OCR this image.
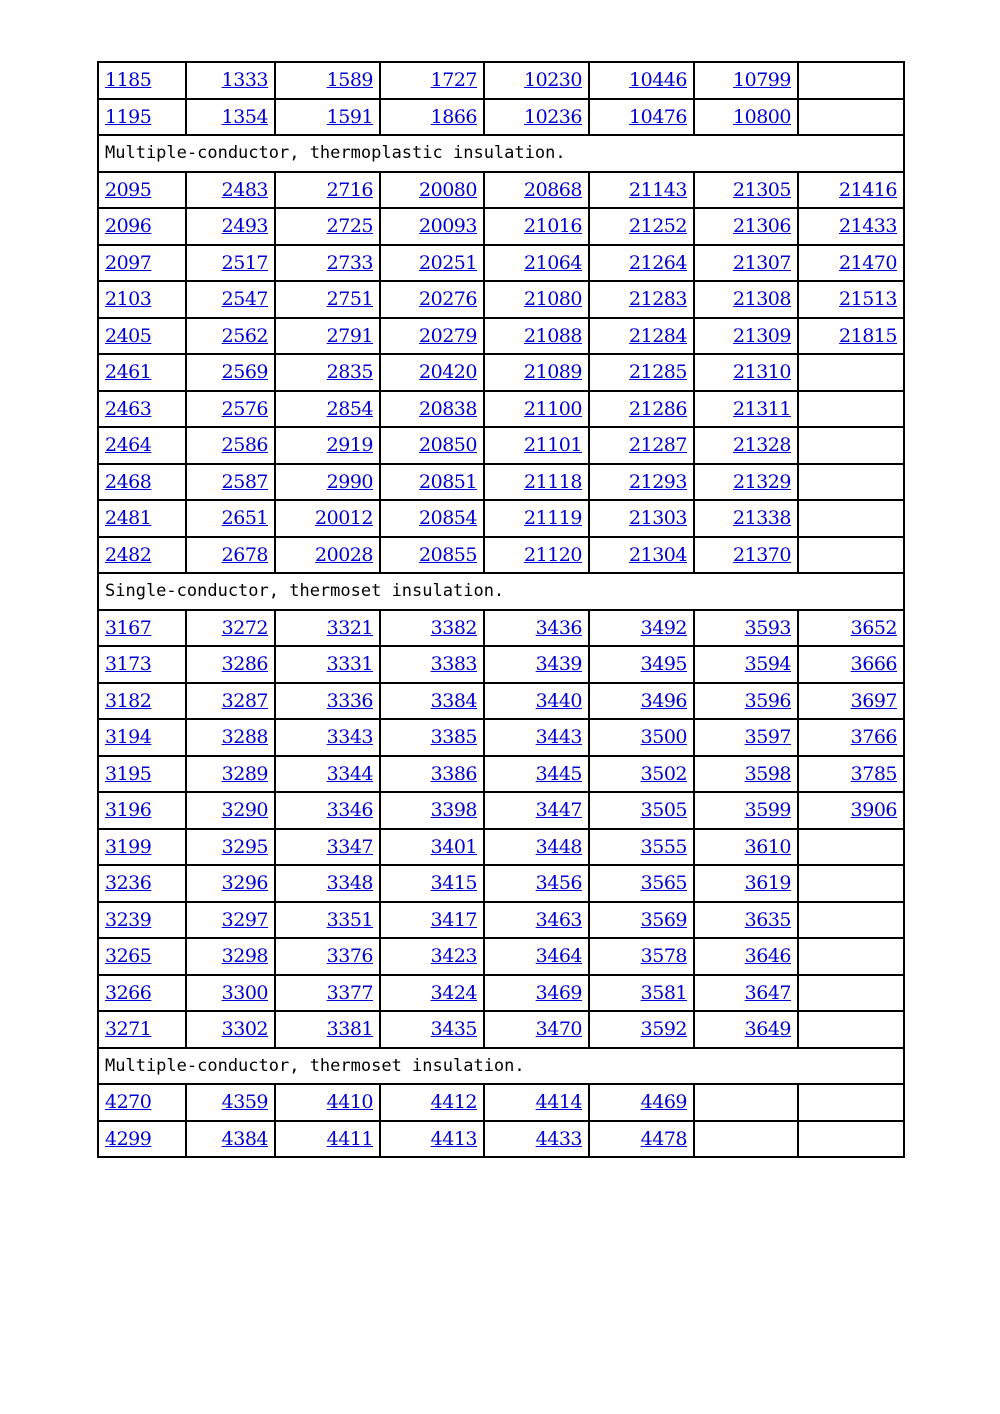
1185	1333	1589	1727	10230	10446	10799	
1195	1354	1591	1866	10236	10476	10800	
Multiple-conductor, thermoplastic insulation.							
2095	2483	2716	20080	20868	21143	21305	21416
2096	2493	2725	20093	21016	21252	21306	21433
2097	2517	2733	20251	21064	21264	21307	21470
2103	2547	2751	20276	21080	21283	21308	21513
2405	2562	2791	20279	21088	21284	21309	21815
2461	2569	2835	20420	21089	21285	21310	
2463	2576	2854	20838	21100	21286	21311	
2464	2586	2919	20850	21101	21287	21328	
2468	2587	2990	20851	21118	21293	21329	
2481	2651	20012	20854	21119	21303	21338	
2482	2678	20028	20855	21120	21304	21370	
Single-conductor, thermoset insulation.							
3167	3272	3321	3382	3436	3492	3593	3652
3173	3286	3331	3383	3439	3495	3594	3666
3182	3287	3336	3384	3440	3496	3596	3697
3194	3288	3343	3385	3443	3500	3597	3766
3195	3289	3344	3386	3445	3502	3598	3785
3196	3290	3346	3398	3447	3505	3599	3906
3199	3295	3347	3401	3448	3555	3610	
3236	3296	3348	3415	3456	3565	3619	
3239	3297	3351	3417	3463	3569	3635	
3265	3298	3376	3423	3464	3578	3646	
3266	3300	3377	3424	3469	3581	3647	
3271	3302	3381	3435	3470	3592	3649	
Multiple-conductor, thermoset insulation.							
4270	4359	4410	4412	4414	4469		
4299	4384	4411	4413	4433	4478		
